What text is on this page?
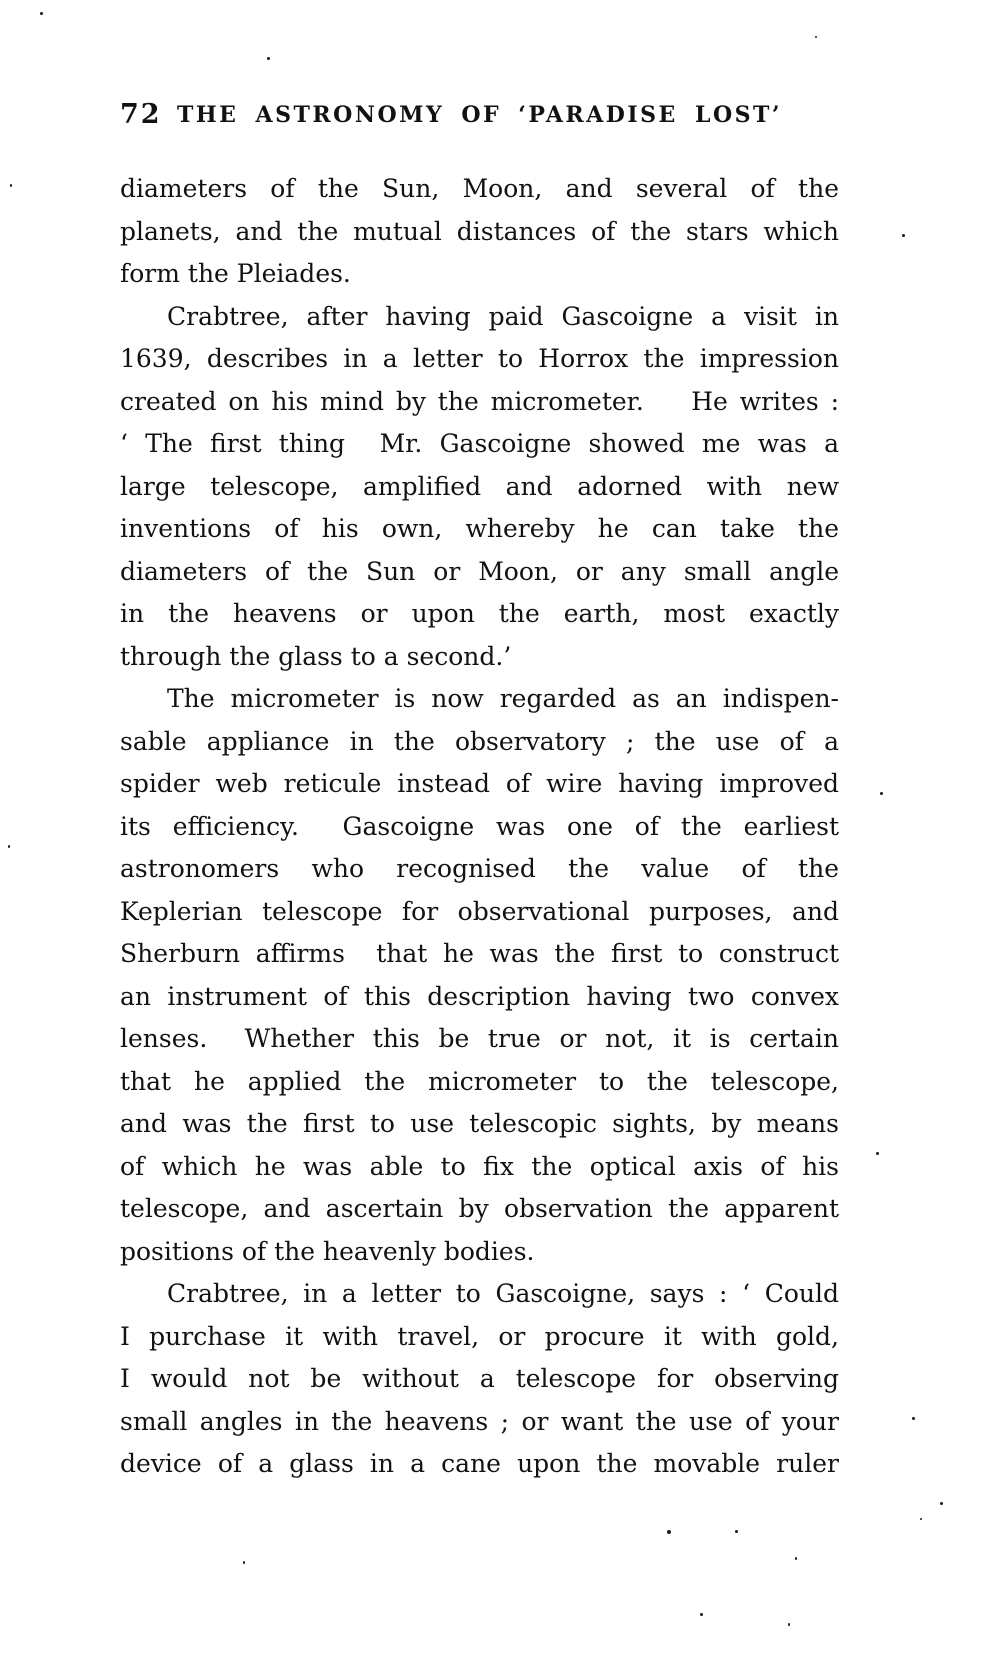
72 THE ASTRONOMY OF ‘PARADISE LOST’
diameters of the Sun, Moon, and several of the
planets, and the mutual distances of the stars which
form the Pleiades.
Crabtree, after having paid Gascoigne a visit in
1639, describes in a letter to Horrox the impression
created on his mind by the micrometer.    He writes :
‘ The first thing  Mr. Gascoigne showed me was a
large telescope, amplified and adorned with new
inventions of his own, whereby he can take the
diameters of the Sun or Moon, or any small angle
in the heavens or upon the earth, most exactly
through the glass to a second.’
The micrometer is now regarded as an indispen-
sable appliance in the observatory ; the use of a
spider web reticule instead of wire having improved
its efficiency.  Gascoigne was one of the earliest
astronomers who recognised the value of the
Keplerian telescope for observational purposes, and
Sherburn affirms  that he was the first to construct
an instrument of this description having two convex
lenses.  Whether this be true or not, it is certain
that he applied the micrometer to the telescope,
and was the first to use telescopic sights, by means
of which he was able to fix the optical axis of his
telescope, and ascertain by observation the apparent
positions of the heavenly bodies.
Crabtree, in a letter to Gascoigne, says : ‘ Could
I purchase it with travel, or procure it with gold,
I would not be without a telescope for observing
small angles in the heavens ; or want the use of your
device of a glass in a cane upon the movable ruler
